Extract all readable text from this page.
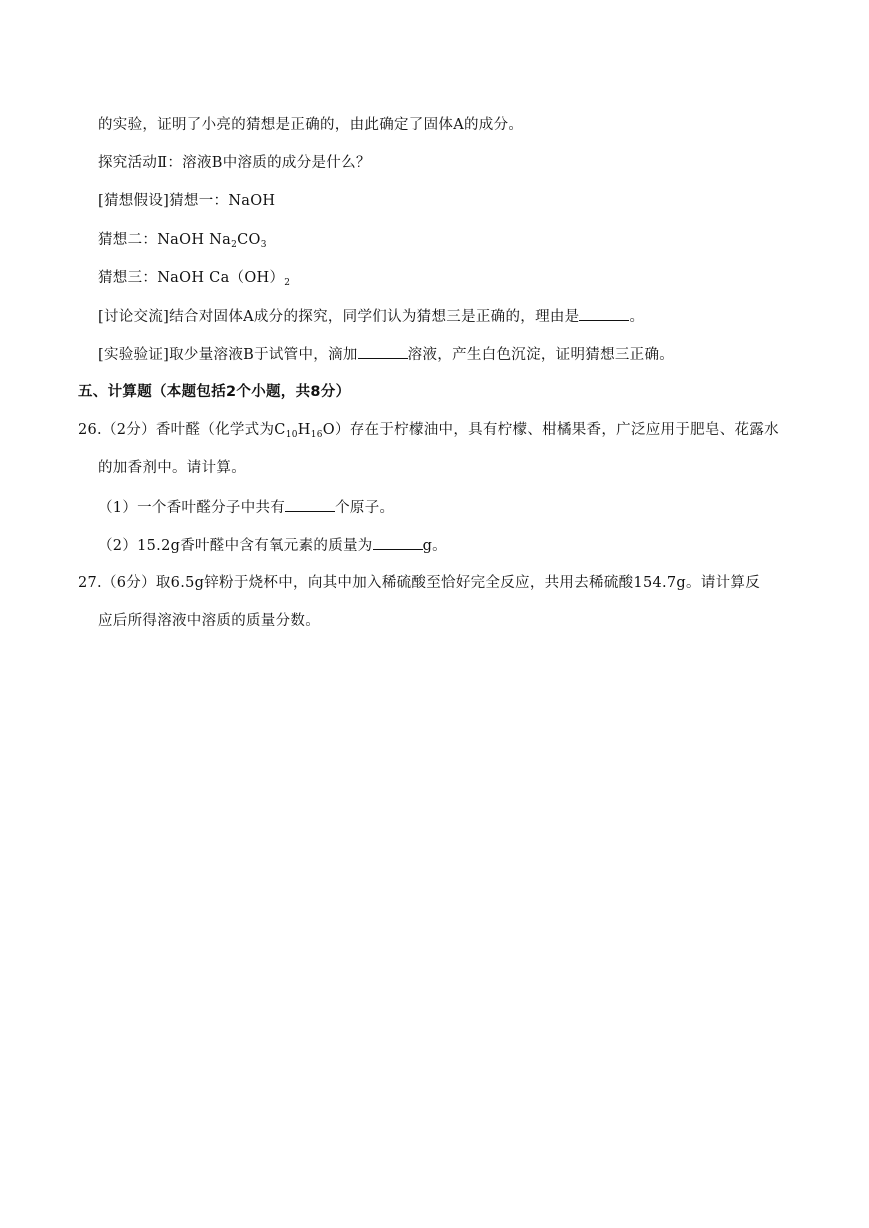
的实验，证明了小亮的猜想是正确的，由此确定了固体A的成分。
探究活动Ⅱ：溶液B中溶质的成分是什么？
[猜想假设]猜想一：NaOH
猜想二：NaOH $Na_2CO_3$
猜想三：NaOH $Ca(OH)_2$
[讨论交流]结合对固体A成分的探究，同学们认为猜想三是正确的，理由是	。
[实验验证]取少量溶液B于试管中，滴加	溶液，产生白色沉淀，证明猜想三正确。
五、计算题（本题包括2个小题，共8分）
26.（2分）香叶醛（化学式为$C_{10}H_{16}O$）存在于柠檬油中，具有柠檬、柑橘果香，广泛应用于肥皂、花露水
的加香剂中。请计算。
（1）一个香叶醛分子中共有	个原子。
（2）15.2g香叶醛中含有氧元素的质量为	g。
27.（6分）取6.5g锌粉于烧杯中，向其中加入稀硫酸至恰好完全反应，共用去稀硫酸154.7g。请计算反
应后所得溶液中溶质的质量分数。
